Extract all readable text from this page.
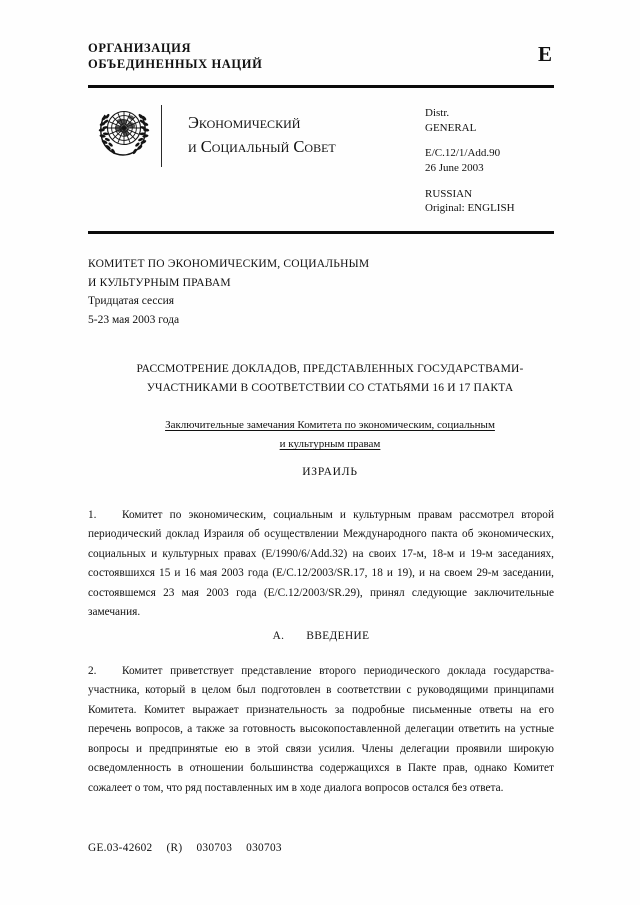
ОРГАНИЗАЦИЯ
ОБЪЕДИНЕННЫХ НАЦИЙ	E
Экономический
и Социальный Совет
Distr.
GENERAL
E/C.12/1/Add.90
26 June 2003
RUSSIAN
Original: ENGLISH
КОМИТЕТ ПО ЭКОНОМИЧЕСКИМ, СОЦИАЛЬНЫМ
И КУЛЬТУРНЫМ ПРАВАМ
Тридцатая сессия
5-23 мая 2003 года
РАССМОТРЕНИЕ ДОКЛАДОВ, ПРЕДСТАВЛЕННЫХ ГОСУДАРСТВАМИ-
УЧАСТНИКАМИ В СООТВЕТСТВИИ СО СТАТЬЯМИ 16 И 17 ПАКТА
Заключительные замечания Комитета по экономическим, социальным
и культурным правам
ИЗРАИЛЬ
1. Комитет по экономическим, социальным и культурным правам рассмотрел второй периодический доклад Израиля об осуществлении Международного пакта об экономических, социальных и культурных правах (E/1990/6/Add.32) на своих 17-м, 18-м и 19-м заседаниях, состоявшихся 15 и 16 мая 2003 года (E/C.12/2003/SR.17, 18 и 19), и на своем 29-м заседании, состоявшемся 23 мая 2003 года (E/C.12/2003/SR.29), принял следующие заключительные замечания.
A. ВВЕДЕНИЕ
2. Комитет приветствует представление второго периодического доклада государства-участника, который в целом был подготовлен в соответствии с руководящими принципами Комитета. Комитет выражает признательность за подробные письменные ответы на его перечень вопросов, а также за готовность высокопоставленной делегации ответить на устные вопросы и предпринятые ею в этой связи усилия. Члены делегации проявили широкую осведомленность в отношении большинства содержащихся в Пакте прав, однако Комитет сожалеет о том, что ряд поставленных им в ходе диалога вопросов остался без ответа.
GE.03-42602 (R) 030703 030703
